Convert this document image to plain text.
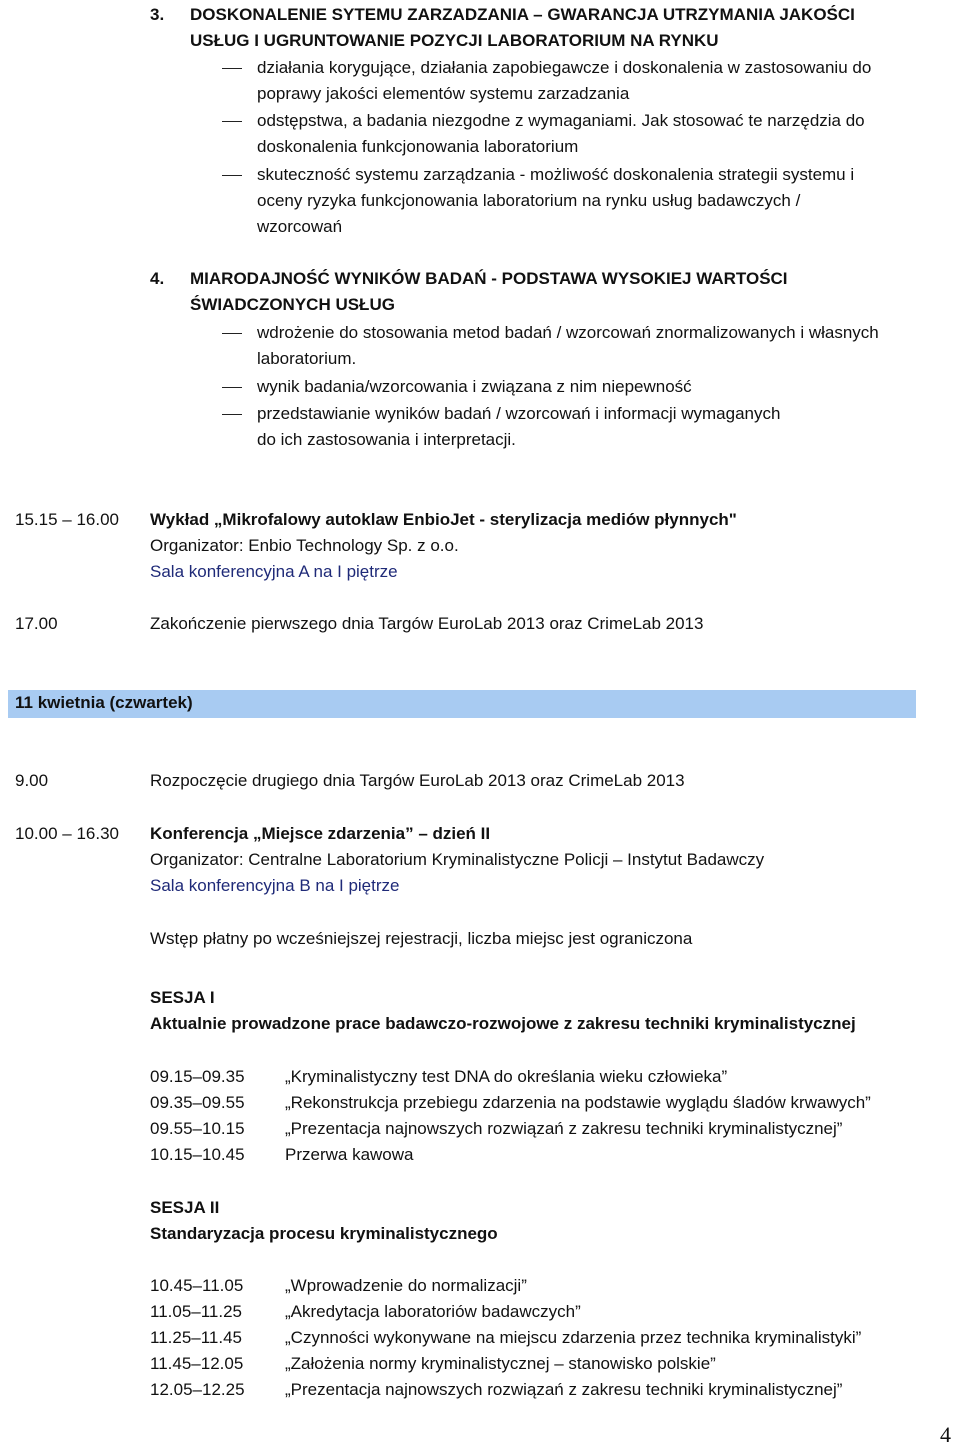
3. DOSKONALENIE SYTEMU ZARZADZANIA – GWARANCJA UTRZYMANIA JAKOŚCI
USŁUG I UGRUNTOWANIE POZYCJI LABORATORIUM NA RYNKU
działania korygujące, działania zapobiegawcze i doskonalenia w zastosowaniu do
poprawy jakości elementów systemu zarzadzania
odstępstwa, a badania niezgodne z wymaganiami. Jak stosować te narzędzia do
doskonalenia funkcjonowania laboratorium
skuteczność systemu zarządzania - możliwość doskonalenia strategii systemu i
oceny ryzyka funkcjonowania laboratorium na rynku usług badawczych /
wzorcowań
4. MIARODAJNOŚĆ WYNIKÓW BADAŃ - PODSTAWA WYSOKIEJ WARTOŚCI
ŚWIADCZONYCH USŁUG
wdrożenie do stosowania metod badań / wzorcowań znormalizowanych i własnych
laboratorium.
wynik badania/wzorcowania i związana z nim niepewność
przedstawianie wyników badań / wzorcowań i informacji wymaganych
do ich zastosowania i interpretacji.
15.15 – 16.00 Wykład „Mikrofalowy autoklaw EnbioJet - sterylizacja mediów płynnych"
Organizator: Enbio Technology Sp. z o.o.
Sala konferencyjna A na I piętrze
17.00	Zakończenie pierwszego dnia Targów EuroLab 2013 oraz CrimeLab 2013
11 kwietnia (czwartek)
9.00	Rozpoczęcie drugiego dnia Targów EuroLab 2013 oraz CrimeLab 2013
10.00 – 16.30 Konferencja „Miejsce zdarzenia” – dzień II
Organizator: Centralne Laboratorium Kryminalistyczne Policji – Instytut Badawczy
Sala konferencyjna B na I piętrze
Wstęp płatny po wcześniejszej rejestracji, liczba miejsc jest ograniczona
SESJA I
Aktualnie prowadzone prace badawczo-rozwojowe z zakresu techniki kryminalistycznej
09.15–09.35 „Kryminalistyczny test DNA do określania wieku człowieka”
09.35–09.55 „Rekonstrukcja przebiegu zdarzenia na podstawie wyglądu śladów krwawych”
09.55–10.15 „Prezentacja najnowszych rozwiązań z zakresu techniki kryminalistycznej”
10.15–10.45 Przerwa kawowa
SESJA II
Standaryzacja procesu kryminalistycznego
10.45–11.05 „Wprowadzenie do normalizacji”
11.05–11.25	„Akredytacja laboratoriów badawczych”
11.25–11.45	„Czynności wykonywane na miejscu zdarzenia przez technika kryminalistyki”
11.45–12.05 „Założenia normy kryminalistycznej – stanowisko polskie”
12.05–12.25 „Prezentacja najnowszych rozwiązań z zakresu techniki kryminalistycznej”
4
